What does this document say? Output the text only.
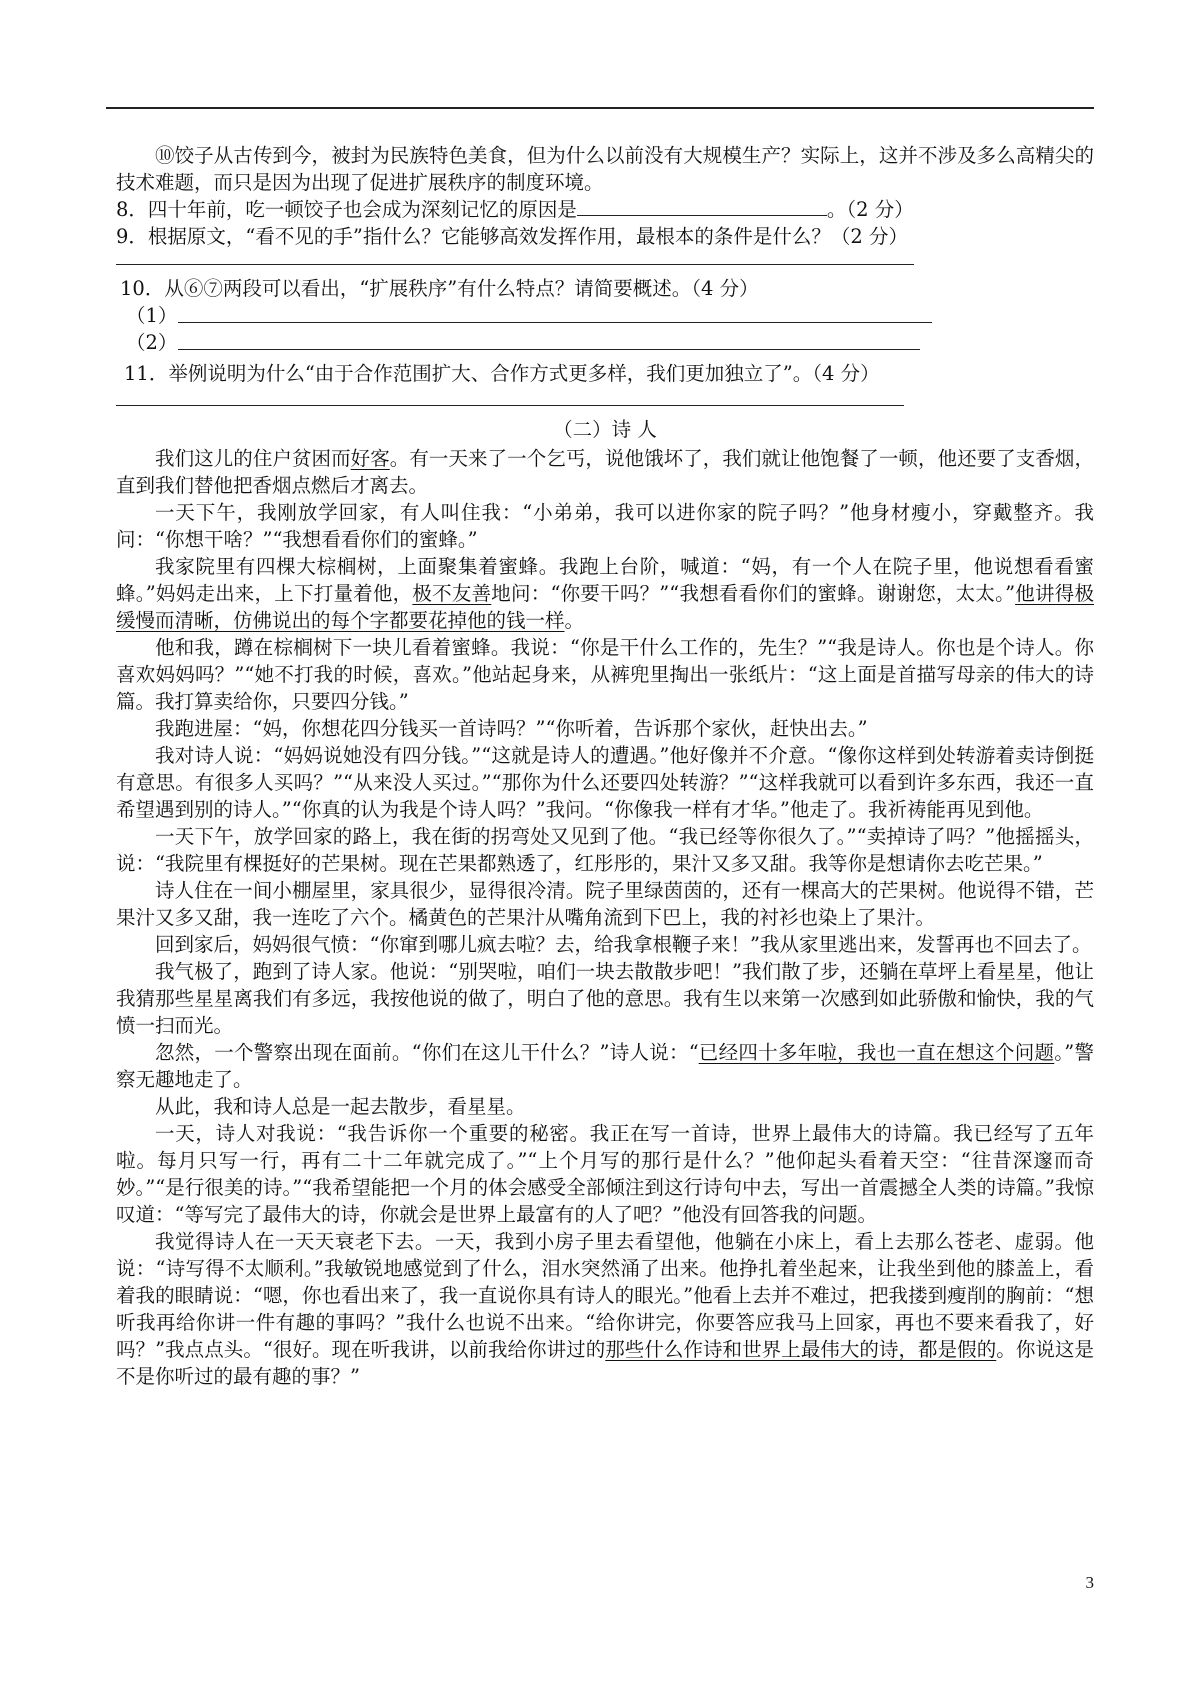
⑩饺子从古传到今，被封为民族特色美食，但为什么以前没有大规模生产？实际上，这并不涉及多么高精尖的技术难题，而只是因为出现了促进扩展秩序的制度环境。

8．四十年前，吃一顿饺子也会成为深刻记忆的原因是	。（2 分）

9．根据原文，“看不见的手”指什么？它能够高效发挥作用，最根本的条件是什么？（2 分）

10．从⑥⑦两段可以看出，“扩展秩序”有什么特点？请简要概述。（4 分）

（1）
（2）

11．举例说明为什么“由于合作范围扩大、合作方式更多样，我们更加独立了”。（4 分）

（二）诗 人

我们这儿的住户贫困而好客。有一天来了一个乞丐，说他饿坏了，我们就让他饱餐了一顿，他还要了支香烟，直到我们替他把香烟点燃后才离去。

一天下午，我刚放学回家，有人叫住我：“小弟弟，我可以进你家的院子吗？”他身材瘦小，穿戴整齐。我问：“你想干啥？”“我想看看你们的蜜蜂。”

我家院里有四棵大棕榈树，上面聚集着蜜蜂。我跑上台阶，喊道：“妈，有一个人在院子里，他说想看看蜜蜂。”妈妈走出来，上下打量着他，极不友善地问：“你要干吗？”“我想看看你们的蜜蜂。谢谢您，太太。”他讲得极缓慢而清晰，仿佛说出的每个字都要花掉他的钱一样。

他和我，蹲在棕榈树下一块儿看着蜜蜂。我说：“你是干什么工作的，先生？”“我是诗人。你也是个诗人。你喜欢妈妈吗？”“她不打我的时候，喜欢。”他站起身来，从裤兜里掏出一张纸片：“这上面是首描写母亲的伟大的诗篇。我打算卖给你，只要四分钱。”

我跑进屋：“妈，你想花四分钱买一首诗吗？”“你听着，告诉那个家伙，赶快出去。”

我对诗人说：“妈妈说她没有四分钱。”“这就是诗人的遭遇。”他好像并不介意。“像你这样到处转游着卖诗倒挺有意思。有很多人买吗？”“从来没人买过。”“那你为什么还要四处转游？”“这样我就可以看到许多东西，我还一直希望遇到别的诗人。”“你真的认为我是个诗人吗？”我问。“你像我一样有才华。”他走了。我祈祷能再见到他。

一天下午，放学回家的路上，我在街的拐弯处又见到了他。“我已经等你很久了。”“卖掉诗了吗？”他摇摇头，说：“我院里有棵挺好的芒果树。现在芒果都熟透了，红彤彤的，果汁又多又甜。我等你是想请你去吃芒果。”

诗人住在一间小棚屋里，家具很少，显得很冷清。院子里绿茵茵的，还有一棵高大的芒果树。他说得不错，芒果汁又多又甜，我一连吃了六个。橘黄色的芒果汁从嘴角流到下巴上，我的衬衫也染上了果汁。

回到家后，妈妈很气愤：“你窜到哪儿疯去啦？去，给我拿根鞭子来！”我从家里逃出来，发誓再也不回去了。

我气极了，跑到了诗人家。他说：“别哭啦，咱们一块去散散步吧！”我们散了步，还躺在草坪上看星星，他让我猜那些星星离我们有多远，我按他说的做了，明白了他的意思。我有生以来第一次感到如此骄傲和愉快，我的气愤一扫而光。

忽然，一个警察出现在面前。“你们在这儿干什么？”诗人说：“已经四十多年啦，我也一直在想这个问题。”警察无趣地走了。

从此，我和诗人总是一起去散步，看星星。

一天，诗人对我说：“我告诉你一个重要的秘密。我正在写一首诗，世界上最伟大的诗篇。我已经写了五年啦。每月只写一行，再有二十二年就完成了。”“上个月写的那行是什么？”他仰起头看着天空：“往昔深邃而奇妙。”“是行很美的诗。”“我希望能把一个月的体会感受全部倾注到这行诗句中去，写出一首震撼全人类的诗篇。”我惊叹道：“等写完了最伟大的诗，你就会是世界上最富有的人了吧？”他没有回答我的问题。

我觉得诗人在一天天衰老下去。一天，我到小房子里去看望他，他躺在小床上，看上去那么苍老、虚弱。他说：“诗写得不太顺利。”我敏锐地感觉到了什么，泪水突然涌了出来。他挣扎着坐起来，让我坐到他的膝盖上，看着我的眼睛说：“嗯，你也看出来了，我一直说你具有诗人的眼光。”他看上去并不难过，把我搂到瘦削的胸前：“想听我再给你讲一件有趣的事吗？”我什么也说不出来。“给你讲完，你要答应我马上回家，再也不要来看我了，好吗？”我点点头。“很好。现在听我讲，以前我给你讲过的那些什么作诗和世界上最伟大的诗，都是假的。你说这是不是你听过的最有趣的事？”

3
